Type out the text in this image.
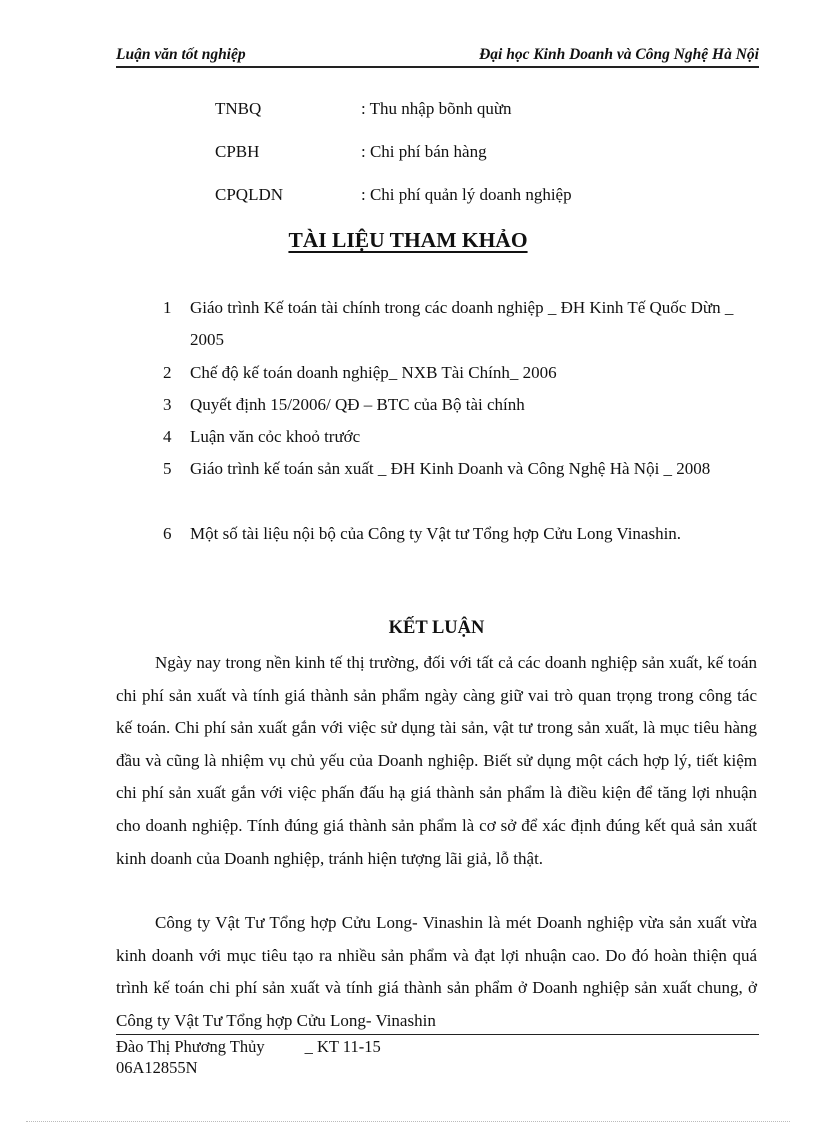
Luận văn tốt nghiệp	Đại học Kinh Doanh và Công Nghệ Hà Nội
TNBQ	: Thu nhập bõnh quừn
CPBH	: Chi phí bán hàng
CPQLDN	: Chi phí quản lý doanh nghiệp
TÀI LIỆU THAM KHẢO
1	Giáo trình Kế toán tài chính trong các doanh nghiệp _ ĐH Kinh Tế Quốc Dừn _ 2005
2	Chế độ kế toán doanh nghiệp_ NXB Tài Chính_ 2006
3	Quyết định 15/2006/ QĐ – BTC của Bộ tài chính
4	Luận văn cỏc khoỏ trước
5	Giáo trình kế toán sản xuất _ ĐH Kinh Doanh và Công Nghệ Hà Nội _ 2008
6	Một số tài liệu nội bộ của Công ty Vật tư Tổng hợp Cửu Long Vinashin.
KẾT LUẬN

Ngày nay trong nền kinh tế thị trường, đối với tất cả các doanh nghiệp sản xuất, kế toán chi phí sản xuất và tính giá thành sản phẩm ngày càng giữ vai trò quan trọng trong công tác kế toán. Chi phí sản xuất gắn với việc sử dụng tài sản, vật tư trong sản xuất, là mục tiêu hàng đầu và cũng là nhiệm vụ chủ yếu của Doanh nghiệp. Biết sử dụng một cách hợp lý, tiết kiệm chi phí sản xuất gắn với việc phấn đấu hạ giá thành sản phẩm là điều kiện để tăng lợi nhuận cho doanh nghiệp. Tính đúng giá thành sản phẩm là cơ sở để xác định đúng kết quả sản xuất kinh doanh của Doanh nghiệp, tránh hiện tượng lãi giả, lỗ thật.

Công ty Vật Tư Tổng hợp Cửu Long- Vinashin là mét Doanh nghiệp vừa sản xuất vừa kinh doanh với mục tiêu tạo ra nhiều sản phẩm và đạt lợi nhuận cao. Do đó hoàn thiện quá trình kế toán chi phí sản xuất và tính giá thành sản phẩm ở Doanh nghiệp sản xuất chung, ở Công ty Vật Tư Tổng hợp Cửu Long- Vinashin

Đào Thị Phương Thủy _ KT 11-15
06A12855N
